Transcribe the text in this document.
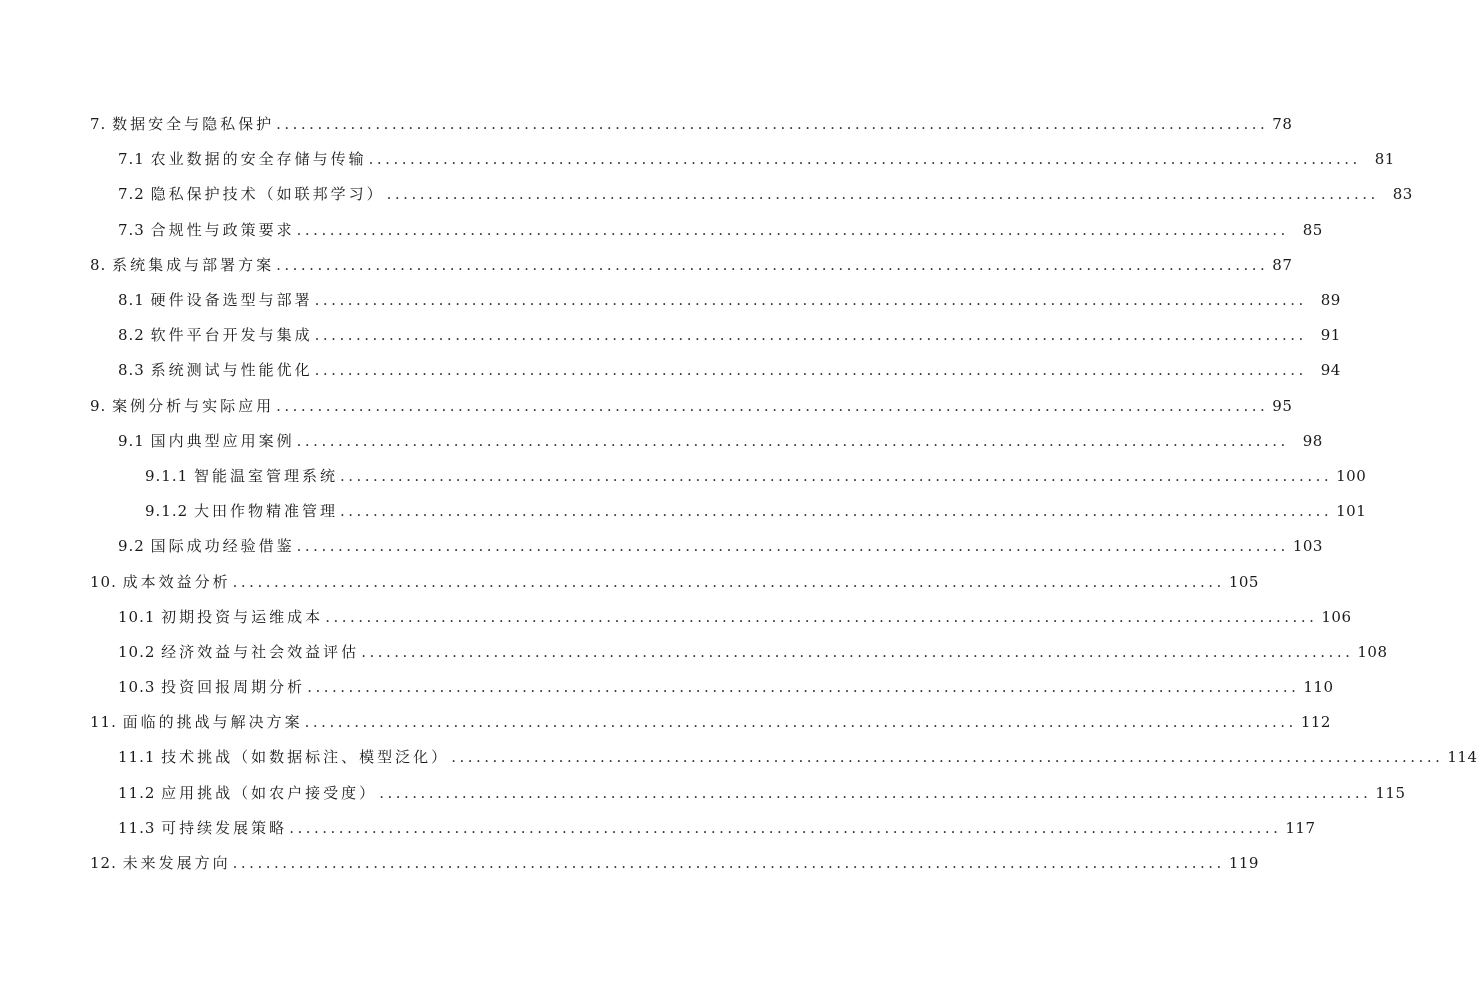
7. 数据安全与隐私保护 ........................................................................................................................ 78
7.1 农业数据的安全存储与传输 ........................................................................................................................ 81
7.2 隐私保护技术（如联邦学习） ........................................................................................................................ 83
7.3 合规性与政策要求 ........................................................................................................................ 85
8. 系统集成与部署方案 ........................................................................................................................ 87
8.1 硬件设备选型与部署 ........................................................................................................................ 89
8.2 软件平台开发与集成 ........................................................................................................................ 91
8.3 系统测试与性能优化 ........................................................................................................................ 94
9. 案例分析与实际应用 ........................................................................................................................ 95
9.1 国内典型应用案例 ........................................................................................................................ 98
9.1.1 智能温室管理系统 ........................................................................................................................ 100
9.1.2 大田作物精准管理 ........................................................................................................................ 101
9.2 国际成功经验借鉴 ........................................................................................................................ 103
10. 成本效益分析 ........................................................................................................................ 105
10.1 初期投资与运维成本 ........................................................................................................................ 106
10.2 经济效益与社会效益评估 ........................................................................................................................ 108
10.3 投资回报周期分析 ........................................................................................................................ 110
11. 面临的挑战与解决方案 ........................................................................................................................ 112
11.1 技术挑战（如数据标注、模型泛化） ........................................................................................................................ 114
11.2 应用挑战（如农户接受度） ........................................................................................................................ 115
11.3 可持续发展策略 ........................................................................................................................ 117
12. 未来发展方向 ........................................................................................................................ 119
